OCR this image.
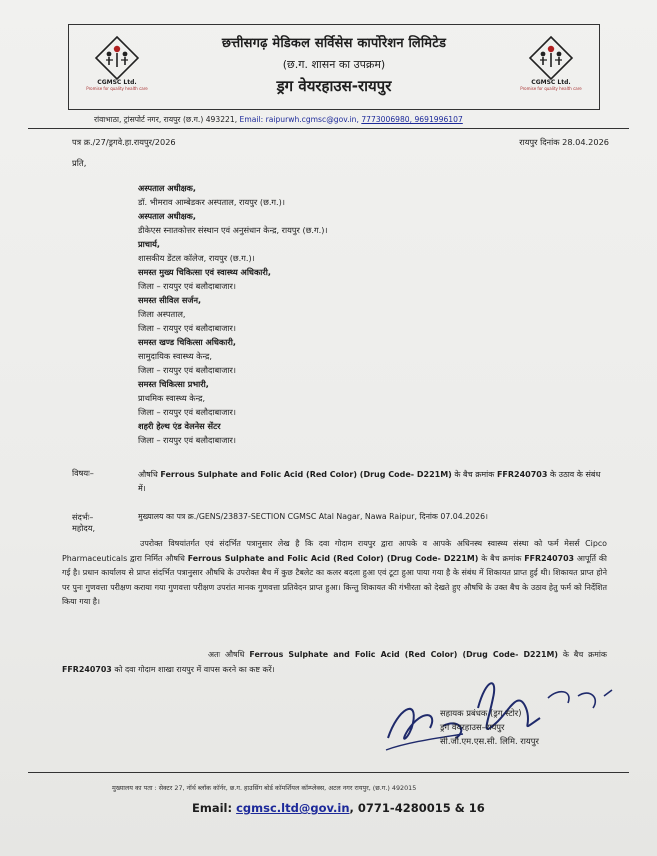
CGMSC Ltd.
Promise for quality health care
छत्तीसगढ़ मेडिकल सर्विसेस कार्पोरेशन लिमिटेड
(छ.ग. शासन का उपक्रम)
ड्रग वेयरहाउस-रायपुर	CGMSC Ltd.
Promise for quality health care
रांवाभाठा, ट्रांसपोर्ट नगर, रायपुर (छ.ग.) 493221, Email: raipurwh.cgmsc@gov.in, 7773006980, 9691996107
पत्र क्र./27/ड्रगवे.हा.रायपुर/2026	रायपुर दिनांक 28.04.2026
प्रति,
अस्पताल अधीक्षक,
डॉ. भीमराव आम्बेडकर अस्पताल, रायपुर (छ.ग.)।
अस्पताल अधीक्षक,
डीकेएस स्नातकोत्तर संस्थान एवं अनुसंधान केन्द्र, रायपुर (छ.ग.)।
प्राचार्य,
शासकीय डेंटल कॉलेज, रायपुर (छ.ग.)।
समस्त मुख्य चिकित्सा एवं स्वास्थ्य अधिकारी,
जिला – रायपुर एवं बलौदाबाजार।
समस्त सीविल सर्जन,
जिला अस्पताल,
जिला – रायपुर एवं बलौदाबाजार।
समस्त खण्ड चिकित्सा अधिकारी,
सामुदायिक स्वास्थ्य केन्द्र,
जिला – रायपुर एवं बलौदाबाजार।
समस्त चिकित्सा प्रभारी,
प्राथमिक स्वास्थ्य केन्द्र,
जिला – रायपुर एवं बलौदाबाजार।
शहरी हेल्थ एंड वेलनेस सेंटर
जिला – रायपुर एवं बलौदाबाजार।
विषयः–	औषधि Ferrous Sulphate and Folic Acid (Red Color) (Drug Code- D221M) के बैच क्रमांक FFR240703 के उठाव के संबंध में।
संदर्भः–	मुख्यालय का पत्र क्र./GENS/23837-SECTION CGMSC Atal Nagar, Nawa Raipur, दिनांक 07.04.2026।
महोदय,
उपरोक्त विषयांतर्गत एवं संदर्भित पत्रानुसार लेख है कि दवा गोदाम रायपुर द्वारा आपके व आपके अधिनस्थ स्वास्थ्य संस्था को फर्म मेसर्स Cipco Pharmaceuticals द्वारा निर्मित औषधि Ferrous Sulphate and Folic Acid (Red Color) (Drug Code- D221M) के बैच क्रमांक FFR240703 आपूर्ति की गई है। प्रधान कार्यालय से प्राप्त संदर्भित पत्रानुसार औषधि के उपरोक्त बैच में कुछ टैबलेट का कलर बदला हुआ एवं टूटा हुआ पाया गया है के संबंध में शिकायत प्राप्त हुई थी। शिकायत प्राप्त होने पर पुनः गुणवत्ता परीक्षण कराया गया गुणवत्ता परीक्षण उपरांत मानक गुणवत्ता प्रतिवेदन प्राप्त हुआ। किन्तु शिकायत की गंभीरता को देखते हुए औषधि के उक्त बैच के उठाव हेतु फर्म को निर्देशित किया गया है।
अतः औषधि Ferrous Sulphate and Folic Acid (Red Color) (Drug Code- D221M) के बैच क्रमांक FFR240703 को दवा गोदाम शाखा रायपुर में वापस करने का कष्ट करें।
सहायक प्रबंधक (ड्रग स्टोर)
ड्रग वेयरहाउस–रायपुर
सी.जी.एम.एस.सी. लिमि. रायपुर
मुख्यालय का पता : सेक्टर 27, नॉर्थ ब्लॉक कॉर्नर, छ.ग. हाउसिंग बोर्ड कॉमर्शियल कॉम्प्लेक्स, अटल नगर रायपुर, (छ.ग.) 492015
Email: cgmsc.ltd@gov.in, 0771-4280015 & 16
